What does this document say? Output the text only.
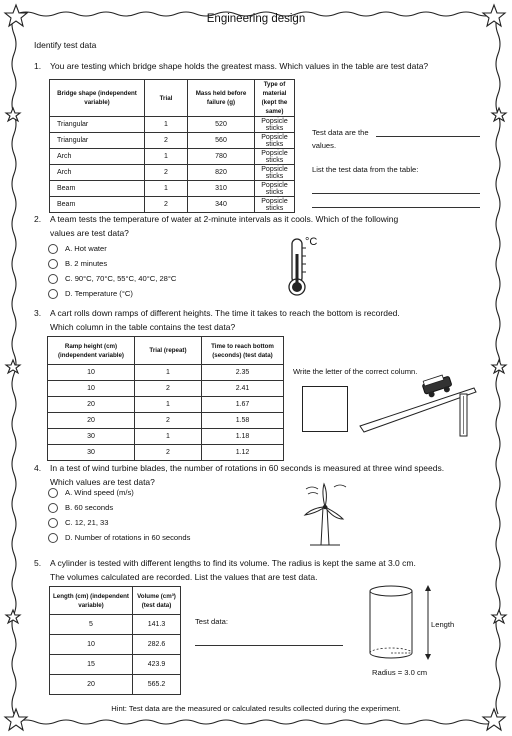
Engineering design
Identify test data
1. You are testing which bridge shape holds the greatest mass. Which values in the table are test data?
Bridge shape (independent variable)	Trial	Mass held before failure (g)	Type of material (kept the same)
Triangular	1	520	Popsicle sticks
Triangular	2	560	Popsicle sticks
Arch	1	780	Popsicle sticks
Arch	2	820	Popsicle sticks
Beam	1	310	Popsicle sticks
Beam	2	340	Popsicle sticks
Test data are the
values.
List the test data from the table:
2. A team tests the temperature of water at 2-minute intervals as it cools. Which of the following
values are test data?
A. Hot water
B. 2 minutes
C. 90°C, 70°C, 55°C, 40°C, 28°C
D. Temperature (°C)
°C
3. A cart rolls down ramps of different heights. The time it takes to reach the bottom is recorded.
Which column in the table contains the test data?
Ramp height (cm) (independent variable)	Trial (repeat)	Time to reach bottom (seconds) (test data)
10	1	2.35
10	2	2.41
20	1	1.67
20	2	1.58
30	1	1.18
30	2	1.12
Write the letter of the correct column.
4. In a test of wind turbine blades, the number of rotations in 60 seconds is measured at three wind speeds.
Which values are test data?
A. Wind speed (m/s)
B. 60 seconds
C. 12, 21, 33
D. Number of rotations in 60 seconds
5. A cylinder is tested with different lengths to find its volume. The radius is kept the same at 3.0 cm.
The volumes calculated are recorded. List the values that are test data.
Length (cm) (independent variable)	Volume (cm³) (test data)
5	141.3
10	282.6
15	423.9
20	565.2
Test data:	Length
Radius = 3.0 cm
Hint: Test data are the measured or calculated results collected during the experiment.
